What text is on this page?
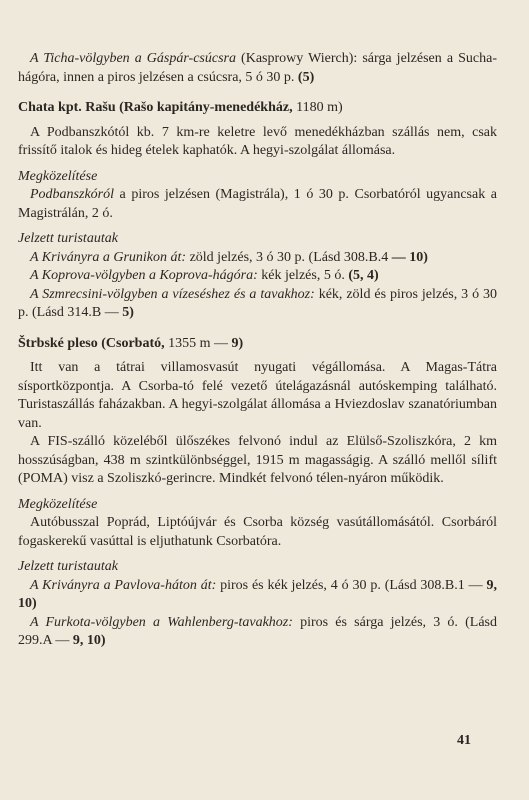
A Ticha-völgyben a Gáspár-csúcsra (Kasprowy Wierch): sárga jelzésen a Sucha-hágóra, innen a piros jelzésen a csúcsra, 5 ó 30 p. (5)

Chata kpt. Rašu (Rašo kapitány-menedékház, 1180 m)

A Podbanszkótól kb. 7 km-re keletre levő menedékházban szállás nem, csak frissítő italok és hideg ételek kaphatók. A hegyi-szolgálat állomása.

Megközelítése

Podbanszkóról a piros jelzésen (Magistrála), 1 ó 30 p. Csorbatóról ugyancsak a Magistrálán, 2 ó.

Jelzett turistautak

A Kriványra a Grunikon át: zöld jelzés, 3 ó 30 p. (Lásd 308.B.4 — 10)

A Koprova-völgyben a Koprova-hágóra: kék jelzés, 5 ó. (5, 4)

A Szmrecsini-völgyben a vízeséshez és a tavakhoz: kék, zöld és piros jelzés, 3 ó 30 p. (Lásd 314.B — 5)

Štrbské pleso (Csorbató, 1355 m — 9)

Itt van a tátrai villamosvasút nyugati végállomása. A Magas-Tátra sísportközpontja. A Csorba-tó felé vezető útelágazásnál autóskemping található. Turistaszállás faházakban. A hegyi-szolgálat állomása a Hviezdoslav szanatóriumban van.

A FIS-szálló közeléből ülőszékes felvonó indul az Elülső-Szoliszkóra, 2 km hosszúságban, 438 m szintkülönbséggel, 1915 m magasságig. A szálló mellől sílift (POMA) visz a Szoliszkó-gerincre. Mindkét felvonó télen-nyáron működik.

Megközelítése

Autóbusszal Poprád, Liptóújvár és Csorba község vasútállomásától. Csorbáról fogaskerekű vasúttal is eljuthatunk Csorbatóra.

Jelzett turistautak

A Kriványra a Pavlova-háton át: piros és kék jelzés, 4 ó 30 p. (Lásd 308.B.1 — 9, 10)

A Furkota-völgyben a Wahlenberg-tavakhoz: piros és sárga jelzés, 3 ó. (Lásd 299.A — 9, 10)

41
